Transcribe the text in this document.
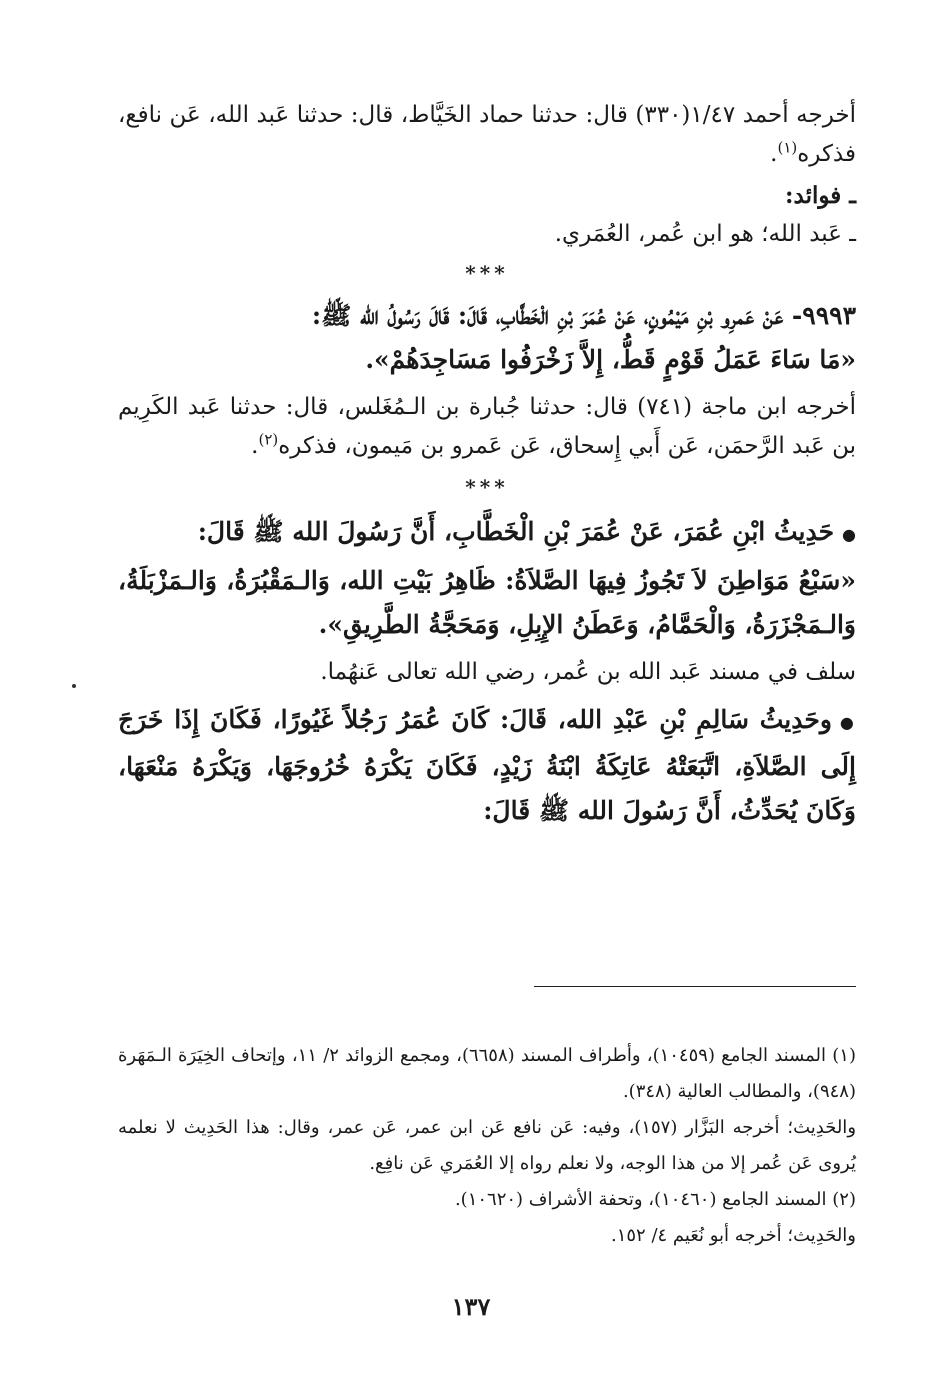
أخرجه أحمد ١/٤٧(٣٣٠) قال: حدثنا حماد الخَيَّاط، قال: حدثنا عَبد الله، عَن نافع، فذكره$^{(١)}$.

ـ فوائد:

ـ عَبد الله؛ هو ابن عُمر، العُمَري.

***

٩٩٩٣- عَنْ عَمرِو بْنِ مَيْمُونٍ، عَنْ عُمَرَ بْنِ الْخَطَّابِ، قَالَ: قَالَ رَسُولُ الله ﷺ:

«مَا سَاءَ عَمَلُ قَوْمٍ قَطُّ، إِلاَّ زَخْرَفُوا مَسَاجِدَهُمْ».

أخرجه ابن ماجة (٧٤١) قال: حدثنا جُبارة بن الـمُغَلس، قال: حدثنا عَبد الكَرِيم بن عَبد الرَّحمَن، عَن أَبي إِسحاق، عَن عَمرو بن مَيمون، فذكره$^{(٢)}$.

***

●حَدِيثُ ابْنِ عُمَرَ، عَنْ عُمَرَ بْنِ الْخَطَّابِ، أَنَّ رَسُولَ الله ﷺ قَالَ:

«سَبْعُ مَوَاطِنَ لاَ تَجُوزُ فِيهَا الصَّلاَةُ: ظَاهِرُ بَيْتِ الله، وَالـمَقْبُرَةُ، وَالـمَزْبَلَةُ، وَالـمَجْزَرَةُ، وَالْحَمَّامُ، وَعَطَنُ الإِبِلِ، وَمَحَجَّةُ الطَّرِيقِ».

سلف في مسند عَبد الله بن عُمر، رضي الله تعالى عَنهُما.

●وحَدِيثُ سَالِمِ بْنِ عَبْدِ الله، قَالَ: كَانَ عُمَرُ رَجُلاً غَيُورًا، فَكَانَ إِذَا خَرَجَ إِلَى الصَّلاَةِ، اتَّبَعَتْهُ عَاتِكَةُ ابْنَةُ زَيْدٍ، فَكَانَ يَكْرَهُ خُرُوجَهَا، وَيَكْرَهُ مَنْعَهَا، وَكَانَ يُحَدِّثُ، أَنَّ رَسُولَ الله ﷺ قَالَ:

(١) المسند الجامع (١٠٤٥٩)، وأطراف المسند (٦٦٥٨)، ومجمع الزوائد ٢/ ١١، وإتحاف الخِيَرَة الـمَهَرة (٩٤٨)، والمطالب العالية (٣٤٨).

والحَدِيث؛ أخرجه البَزَّار (١٥٧)، وفيه: عَن نافع عَن ابن عمر، عَن عمر، وقال: هذا الحَدِيث لا نعلمه يُروى عَن عُمر إلا من هذا الوجه، ولا نعلم رواه إلا العُمَري عَن نافِع.

(٢) المسند الجامع (١٠٤٦٠)، وتحفة الأشراف (١٠٦٢٠).

والحَدِيث؛ أخرجه أبو نُعَيم ٤/ ١٥٢.

١٣٧
